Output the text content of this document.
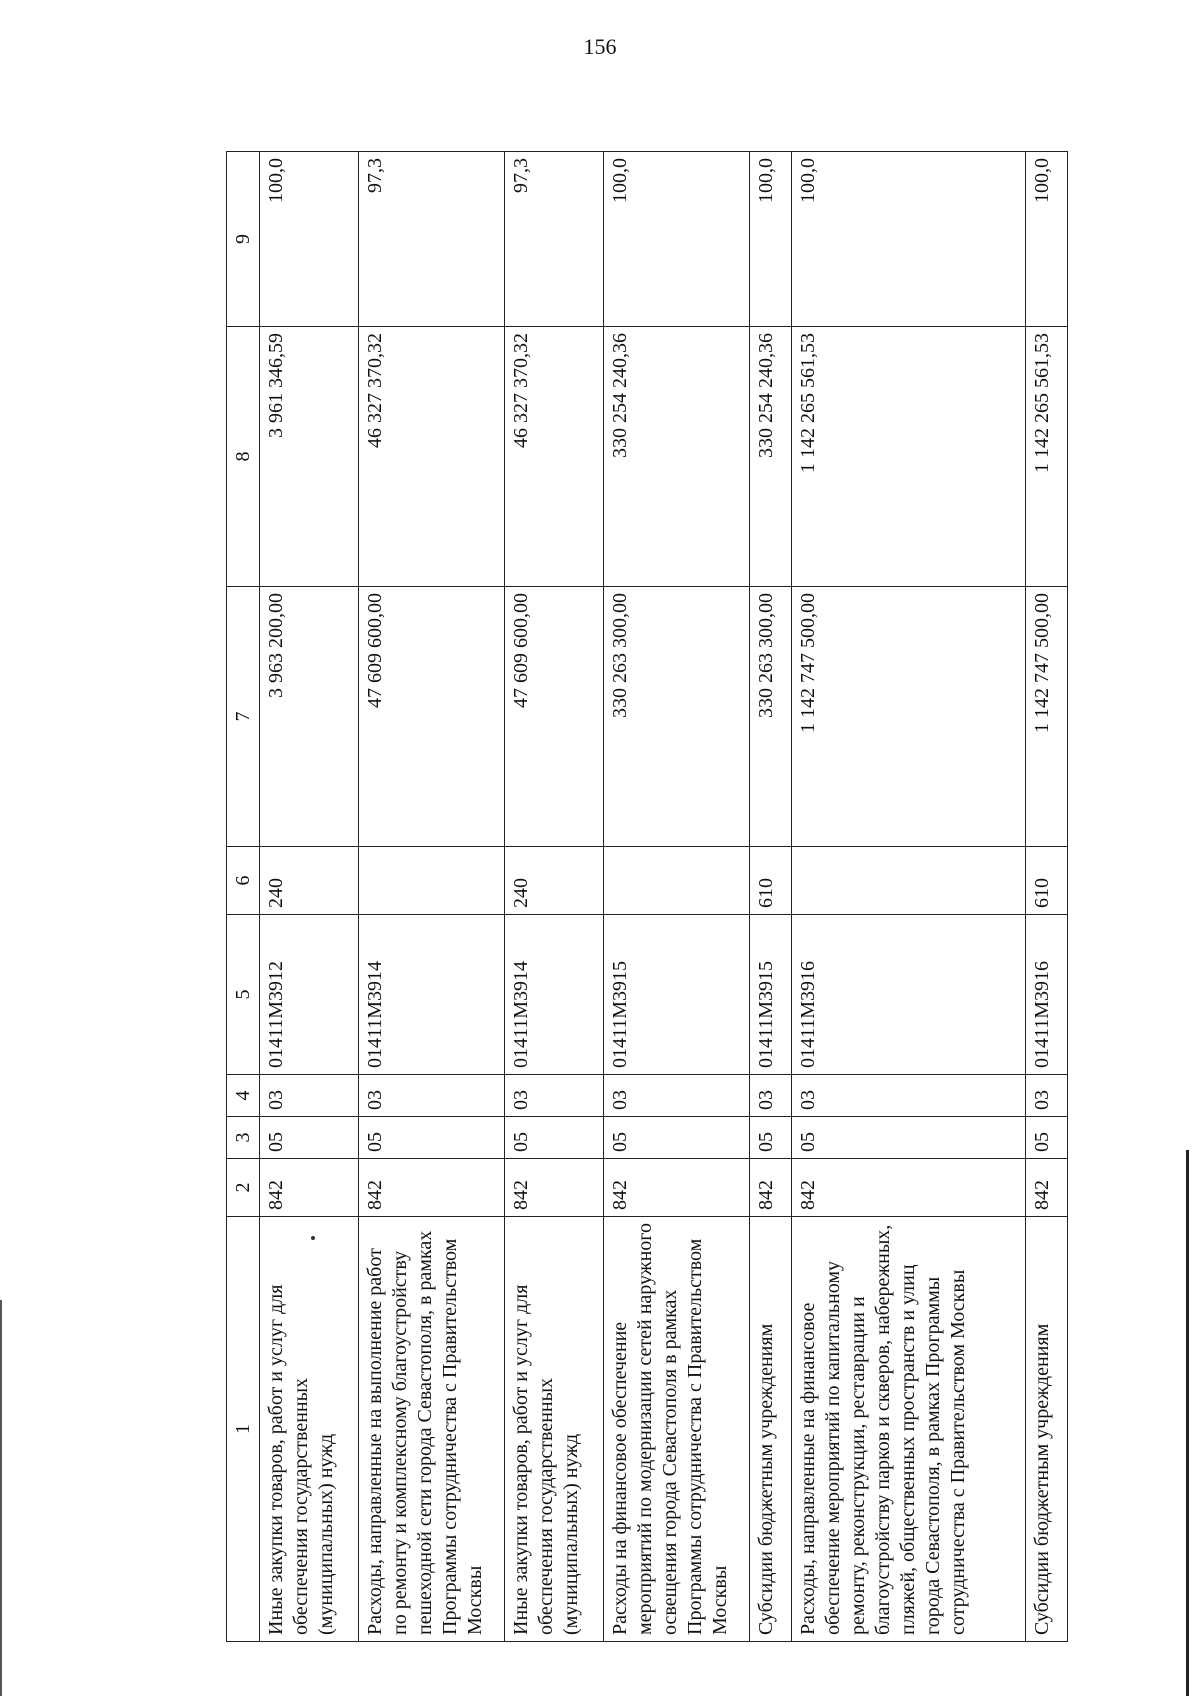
156
1	2	3	4	5	6	7	8	9
Иные закупки товаров, работ и услуг для обеспечения государственных (муниципальных) нужд	842	05	03	01411М3912	240	3 963 200,00	3 961 346,59	100,0
Расходы, направленные на выполнение работ по ремонту и комплексному благоустройству пешеходной сети города Севастополя, в рамках Программы сотрудничества с Правительством Москвы	842	05	03	01411М3914		47 609 600,00	46 327 370,32	97,3
Иные закупки товаров, работ и услуг для обеспечения государственных (муниципальных) нужд	842	05	03	01411М3914	240	47 609 600,00	46 327 370,32	97,3
Расходы на финансовое обеспечение мероприятий по модернизации сетей наружного освещения города Севастополя в рамках Программы сотрудничества с Правительством Москвы	842	05	03	01411М3915		330 263 300,00	330 254 240,36	100,0
Субсидии бюджетным учреждениям	842	05	03	01411М3915	610	330 263 300,00	330 254 240,36	100,0
Расходы, направленные на финансовое обеспечение мероприятий по капитальному ремонту, реконструкции, реставрации и благоустройству парков и скверов, набережных, пляжей, общественных пространств и улиц города Севастополя, в рамках Программы сотрудничества с Правительством Москвы	842	05	03	01411М3916		1 142 747 500,00	1 142 265 561,53	100,0
Субсидии бюджетным учреждениям	842	05	03	01411М3916	610	1 142 747 500,00	1 142 265 561,53	100,0
